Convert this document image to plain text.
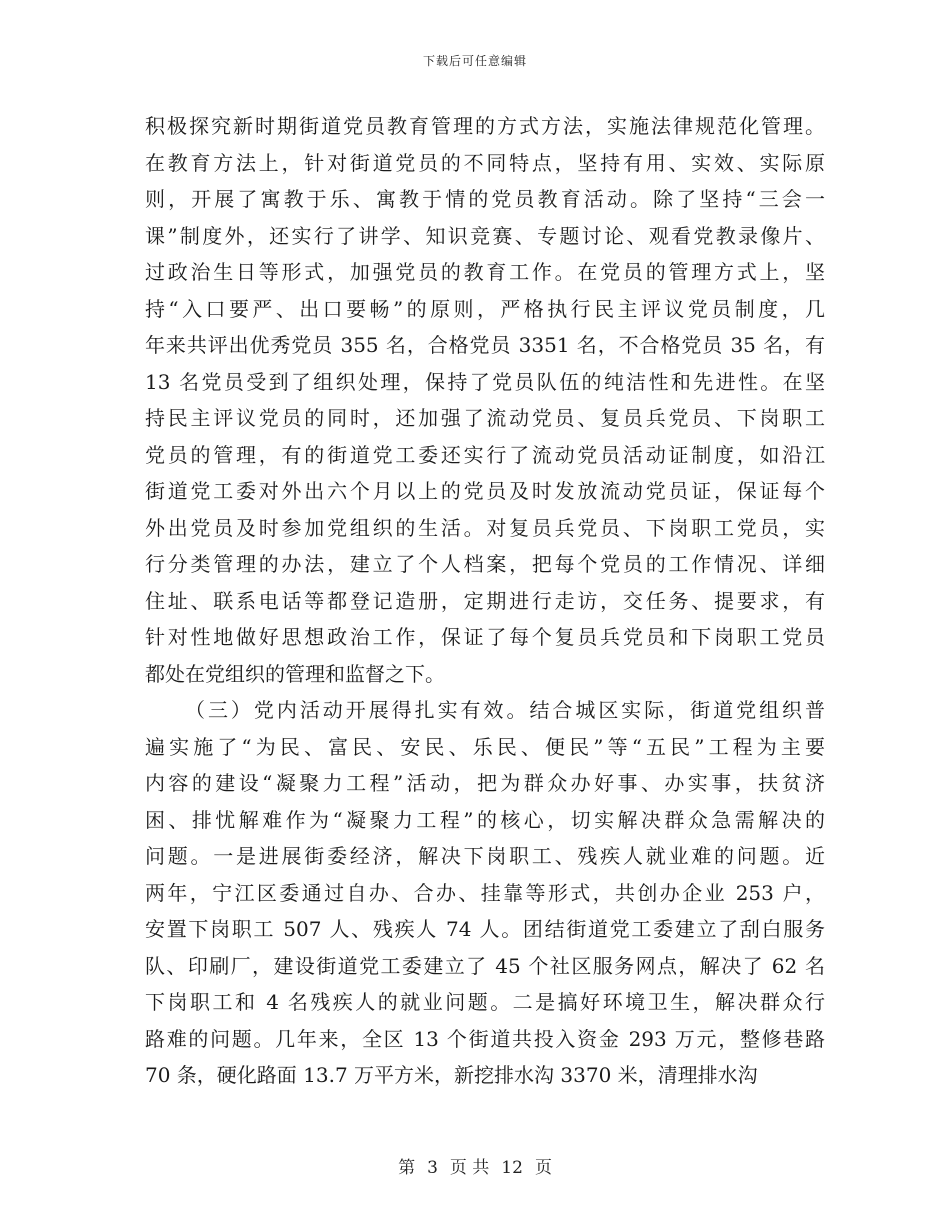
下载后可任意编辑
积极探究新时期街道党员教育管理的方式方法，实施法律规范化管理。
在教育方法上，针对街道党员的不同特点，坚持有用、实效、实际原
则，开展了寓教于乐、寓教于情的党员教育活动。除了坚持“三会一
课”制度外，还实行了讲学、知识竞赛、专题讨论、观看党教录像片、
过政治生日等形式，加强党员的教育工作。在党员的管理方式上，坚
持“入口要严、出口要畅”的原则，严格执行民主评议党员制度，几
年来共评出优秀党员 355 名，合格党员 3351 名，不合格党员 35 名，有
13 名党员受到了组织处理，保持了党员队伍的纯洁性和先进性。在坚
持民主评议党员的同时，还加强了流动党员、复员兵党员、下岗职工
党员的管理，有的街道党工委还实行了流动党员活动证制度，如沿江
街道党工委对外出六个月以上的党员及时发放流动党员证，保证每个
外出党员及时参加党组织的生活。对复员兵党员、下岗职工党员，实
行分类管理的办法，建立了个人档案，把每个党员的工作情况、详细
住址、联系电话等都登记造册，定期进行走访，交任务、提要求，有
针对性地做好思想政治工作，保证了每个复员兵党员和下岗职工党员
都处在党组织的管理和监督之下。
（三）党内活动开展得扎实有效。结合城区实际，街道党组织普
遍实施了“为民、富民、安民、乐民、便民”等“五民”工程为主要
内容的建设“凝聚力工程”活动，把为群众办好事、办实事，扶贫济
困、排忧解难作为“凝聚力工程”的核心，切实解决群众急需解决的
问题。一是进展街委经济，解决下岗职工、残疾人就业难的问题。近
两年，宁江区委通过自办、合办、挂靠等形式，共创办企业 253 户，
安置下岗职工 507 人、残疾人 74 人。团结街道党工委建立了刮白服务
队、印刷厂，建设街道党工委建立了 45 个社区服务网点，解决了 62 名
下岗职工和 4 名残疾人的就业问题。二是搞好环境卫生，解决群众行
路难的问题。几年来，全区 13 个街道共投入资金 293 万元，整修巷路
70 条，硬化路面 13.7 万平方米，新挖排水沟 3370 米，清理排水沟
第 3 页 共 12 页
